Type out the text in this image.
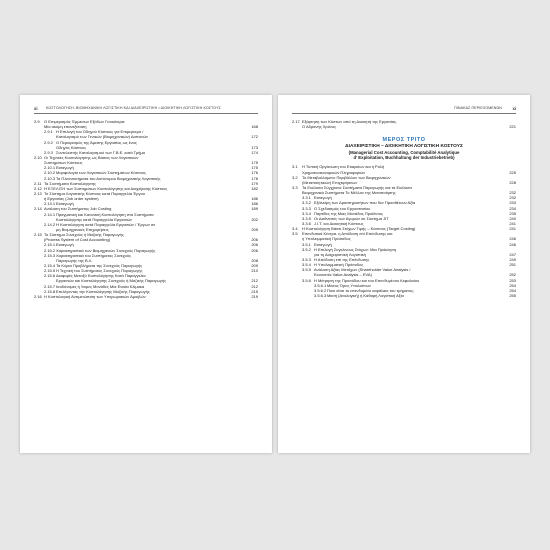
xi ΚΟΣΤΟΛΟΓΗΣΗ, ΒΙΟΜΗΧΑΝΙΚΗ ΛΟΓΙΣΤΙΚΗ ΚΑΙ ΔΙΑΧΕΙΡΙΣΤΙΚΗ • ΔΙΟΙΚΗΤΙΚΗ ΛΟΓΙΣΤΙΚΗ ΚΟΣΤΟΥΣ
2.9 Ο Επιμερισμός Έμμεσων Εξόδων Γενικότερα:
Μία ακόμη επανεξέταση	168
2.9.1 Η Επιλογή του Οδηγού Κόστους για Επιμερισμό /
Καταλογισμό των Γενικών (Βιομηχανικών) Δαπανών	172
2.9.2 Ο Περιορισμός της Άμεσης Εργασίας ως ένας
Οδηγός Κόστους	173
2.9.3 Συντελεστής Καταλογισμού των Γ.Β.Ε. κατά Τμήμα	174
2.10 Οι Τεχνικές Κοστολόγησης ως Βάσεις των Λογιστικών
Συστημάτων Κόστους	175
2.10.1 Εισαγωγή	175
2.10.2 Μορφολογία των Λογιστικών Συστημάτων Κόστους	176
2.10.3 Τα Πλεονεκτήματα του Αυτόνομου Βιομηχανικής Λογιστικής	178
2.11 Τα Συστήματα Κοστολόγησης	179
2.12 Η ΕΞΕΛΙΞΗ των Συστημάτων Κοστολόγησης και Διαχείρισης Κόστους	182
2.13 Το Σύστημα Λογιστικής Κόστους κατά Παραγγελία Έργου
ή Εργασίας (Job order system)	186
2.13.1 Εισαγωγή	186
2.14 Ανάλυση του Συστήματος Job Costing	189
2.14.1 Πραγματική και Κανονική Κοστολόγηση στα Συστήματα
Κοστολόγησης κατά Παραγγελία Εργασιών	202
2.14.2 Η Κοστολόγηση κατά Παραγγελία Εργασιών / Έργων σε
μη Βιομηχανικές Επιχειρήσεις	205
2.15 Το Σύστημα Συνεχούς ή Μαζικής Παραγωγής
(Process System of Cost Accounting)	206
2.15.1 Εισαγωγή	206
2.15.2 Χαρακτηριστικά των Βιομηχανιών Συνεχούς Παραγωγής	206
2.15.3 Χαρακτηριστικά του Συστήματος Συνεχούς
Παραγωγής της Β.Λ.	208
2.15.4 Τα Κύρια Προβλήματα της Συνεχούς Παραγωγής	209
2.15.5 Η Τεχνική του Συστήματος Συνεχούς Παραγωγής	210
2.15.6 Διαφορές Μεταξύ Κοστολόγησης Κατά Παραγγελία
Εργασιών και Κοστολόγησης Συνεχούς ή Μαζικής Παραγωγής	212
2.15.7 Ισοδύναμες ή Ίσιμες Μονάδες Μια Ενιαία Κλίμακα	212
2.15.8 Επιλέγοντας την Κοστολόγησης Μαζικής Παραγωγής	215
2.16 Η Κοστολογική Αντιμετώπιση των Υπερωριακών Αμοιβών	219
ΠΙΝΑΚΑΣ ΠΕΡΙΕΧΟΜΕΝΩΝ	xi
2.17 Εξάρτηση των Κόστων από τη Διοικητή της Εργασίας.
Ο Αδρανής Χρόνος	221
ΜΕΡΟΣ ΤΡΙΤΟ
ΔΙΑΧΕΙΡΙΣΤΙΚΗ – ΔΙΟΙΚΗΤΙΚΗ ΛΟΓΙΣΤΙΚΗ ΚΟΣΤΟΥΣ
(Managerial Cost Accounting, Comptabilité Analytique
d' Exploitation, Buchhaltung der Industriebetrieb)
3.1 Η Τυπική Οργάνωση του Εταιρείων και η Ρολή
Χρηματοοικονομικών Πληροφοριών	225
3.2 Το Μεταβαλλόμενο Περιβάλλον των Βιομηχανικών
(Μεταποιητικών) Επιχειρήσεων	228
3.3 Τα Ευέλικτα Σύγχρονα Συστήματα Παραγωγής και τα Ευέλικτα
Βιομηχανικά Συστήματα Το Μέλλον της Μεταποίησης	232
3.3.1 Εισαγωγή	232
3.3.2 Εξάλειψη των Δραστηριοτήτων που δεν Προσθέτουν Αξία	233
3.3.3 Ο Σχεδιασμός του Εργοστασίου	234
3.3.4 Παρτίδες της Μιας Μονάδας Προϊόντος	235
3.3.5 Οι Διεθνιστές των Αγορών σε Σύστημα JIT	240
3.3.6 J.I.T. και Διοικητική Κόστους	241
3.4 Η Κοστολόγηση Βάσει Στόχων Τιμής – Κόστους (Target Costing)	241
3.5 Επενδυτικά Κέντρα, η Απόδοση επί Επένδυσης και
η Υπολειμματική Πρόσοδος	246
3.5.1 Εισαγωγή	246
3.5.2 Η Επιλογή Συγκλινους Στόχων: Μια Πρόκληση
για τη Διαχειριστική Λογιστική	247
3.5.3 Η Απόδοση επί της Επένδυσης	249
3.5.4 Η Υπολειμματική Πρόσοδος	251
3.5.5 Ανάλυση Αξίας Μετόχων (Shareholder Value Analysis /
Economic Value Analysis – EVA)	252
3.5.6 Η Μέτρηση της Προσόδου και του Επενδυμένου Κεφαλαίου	253
3.5.6.1 Μέσος Όρος Υπολοίπων	254
3.5.6.2 Ποιο είναι το επενδυμένο κεφάλαιο του τμήματος;	254
3.5.6.3 Μικτή (Αναλογική) ή Καθαρή Λογιστική Αξία	255
